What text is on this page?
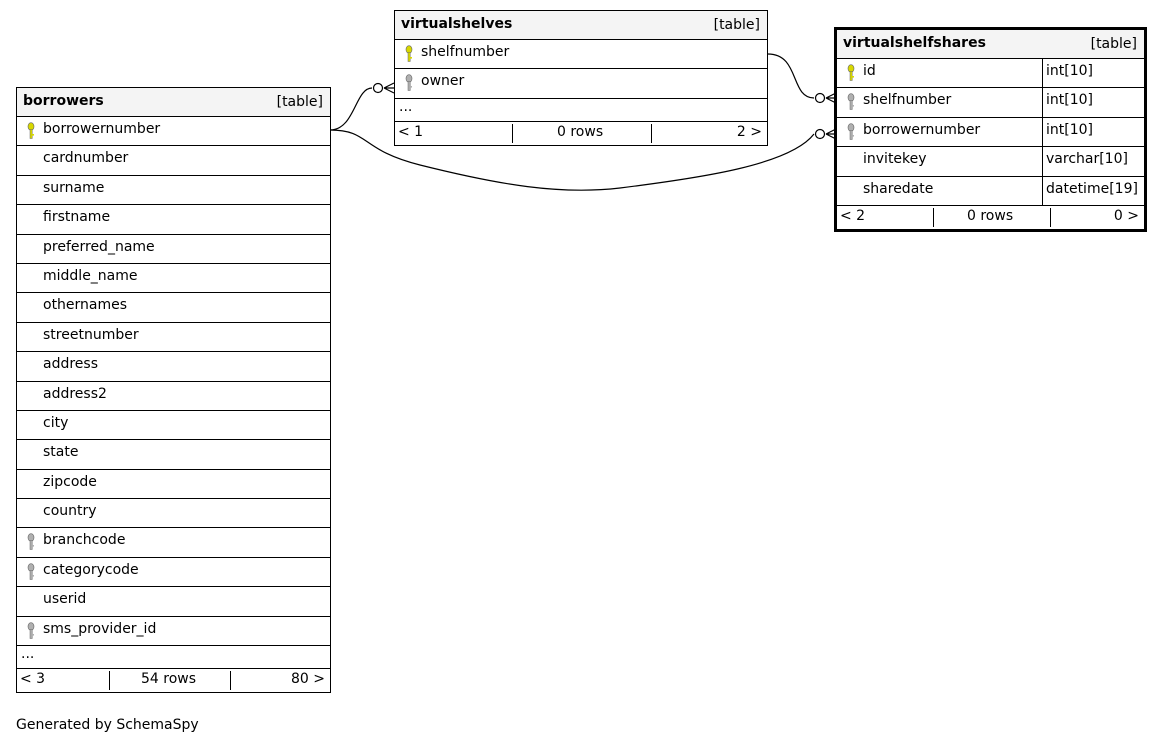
borrowers	[table]
borrowernumber
cardnumber
surname
firstname
preferred_name
middle_name
othernames
streetnumber
address
address2
city
state
zipcode
country
branchcode
categorycode
userid
sms_provider_id
...
< 3	54 rows	80 >
virtualshelves	[table]
shelfnumber
owner
...
< 1	0 rows	2 >
virtualshelfshares	[table]
id	int[10]
shelfnumber	int[10]
borrowernumber	int[10]
invitekey	varchar[10]
sharedate	datetime[19]
< 2	0 rows	0 >
Generated by SchemaSpy
